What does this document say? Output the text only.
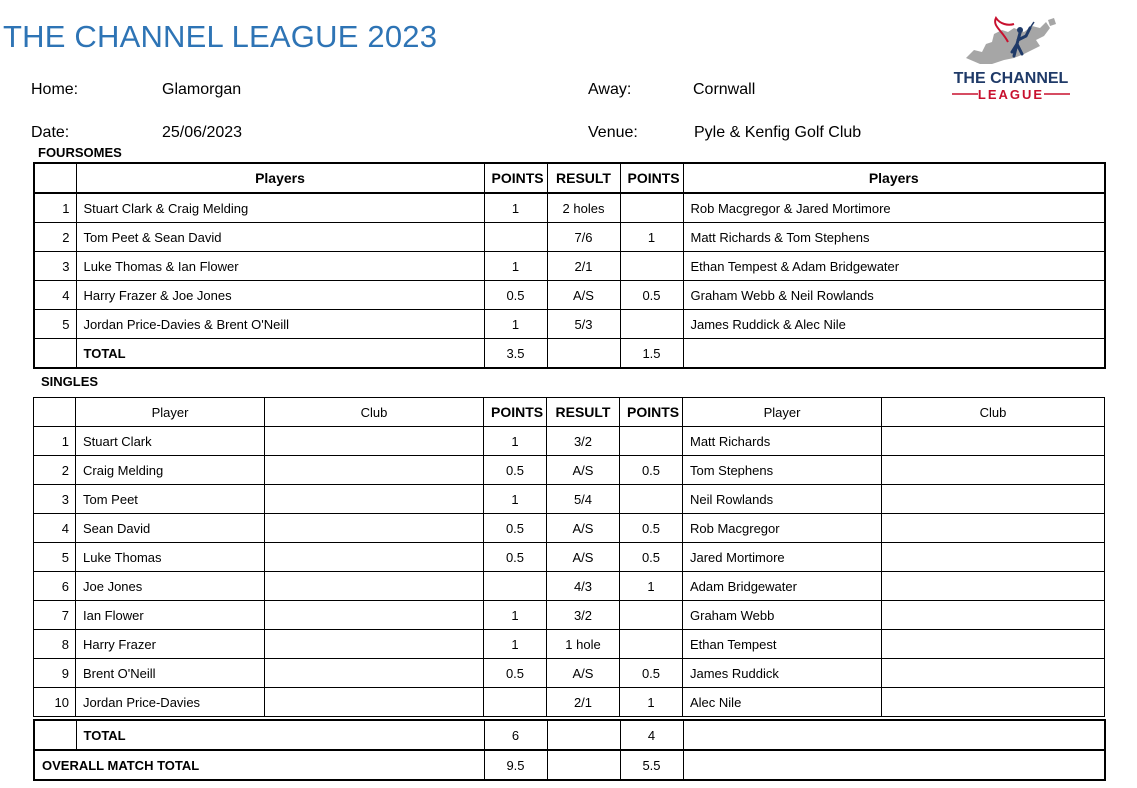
THE CHANNEL LEAGUE 2023
Home:	Glamorgan	Away:	Cornwall
Date:	25/06/2023	Venue:	Pyle & Kenfig Golf Club
THE CHANNEL
LEAGUE
FOURSOMES
	Players	POINTS	RESULT	POINTS	Players
1	Stuart Clark & Craig Melding	1	2 holes		Rob Macgregor & Jared Mortimore
2	Tom Peet & Sean David		7/6	1	Matt Richards & Tom Stephens
3	Luke Thomas & Ian Flower	1	2/1		Ethan Tempest & Adam Bridgewater
4	Harry Frazer & Joe Jones	0.5	A/S	0.5	Graham Webb & Neil Rowlands
5	Jordan Price-Davies & Brent O'Neill	1	5/3		James Ruddick & Alec Nile
	TOTAL	3.5		1.5	
SINGLES
	Player	Club	POINTS	RESULT	POINTS	Player	Club
1	Stuart Clark		1	3/2		Matt Richards	
2	Craig Melding		0.5	A/S	0.5	Tom Stephens	
3	Tom Peet		1	5/4		Neil Rowlands	
4	Sean David		0.5	A/S	0.5	Rob Macgregor	
5	Luke Thomas		0.5	A/S	0.5	Jared Mortimore	
6	Joe Jones			4/3	1	Adam Bridgewater	
7	Ian Flower		1	3/2		Graham Webb	
8	Harry Frazer		1	1 hole		Ethan Tempest	
9	Brent O'Neill		0.5	A/S	0.5	James Ruddick	
10	Jordan Price-Davies			2/1	1	Alec Nile	
	TOTAL	6		4	
OVERALL MATCH TOTAL		9.5		5.5	
